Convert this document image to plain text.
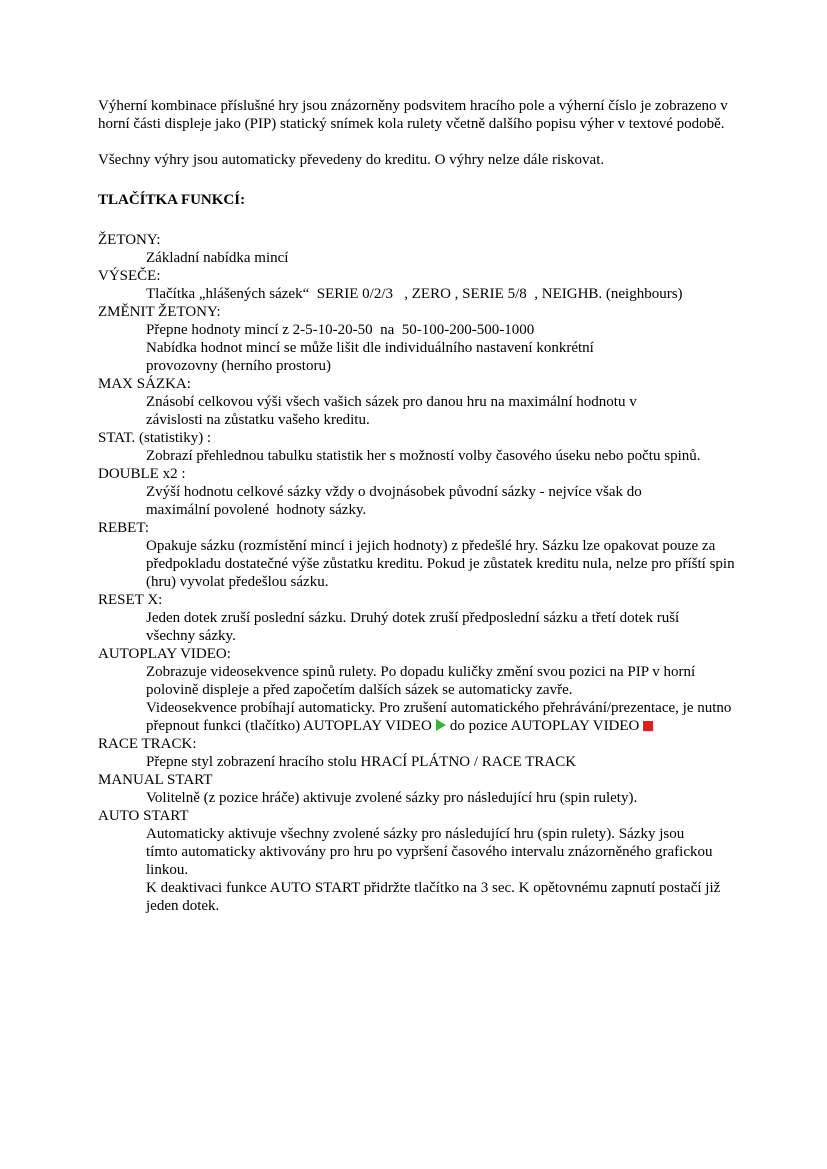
Výherní kombinace příslušné hry jsou znázorněny podsvitem hracího pole a výherní číslo je zobrazeno v horní části displeje jako (PIP) statický snímek kola rulety včetně dalšího popisu výher v textové podobě.

Všechny výhry jsou automaticky převedeny do kreditu. O výhry nelze dále riskovat.

TLAČÍTKA FUNKCÍ:

ŽETONY:

Základní nabídka mincí

VÝSEČE:

Tlačítka „hlášených sázek“  SERIE 0/2/3   , ZERO , SERIE 5/8  , NEIGHB. (neighbours)

ZMĚNIT ŽETONY:

Přepne hodnoty mincí z 2-5-10-20-50  na  50-100-200-500-1000

Nabídka hodnot mincí se může lišit dle individuálního nastavení konkrétní provozovny (herního prostoru)

MAX SÁZKA:

Znásobí celkovou výši všech vašich sázek pro danou hru na maximální hodnotu v závislosti na zůstatku vašeho kreditu.

STAT. (statistiky) :

Zobrazí přehlednou tabulku statistik her s možností volby časového úseku nebo počtu spinů.

DOUBLE x2 :

Zvýší hodnotu celkové sázky vždy o dvojnásobek původní sázky - nejvíce však do maximální povolené  hodnoty sázky.

REBET:

Opakuje sázku (rozmístění mincí i jejich hodnoty) z předešlé hry. Sázku lze opakovat pouze za předpokladu dostatečné výše zůstatku kreditu. Pokud je zůstatek kreditu nula, nelze pro příští spin (hru) vyvolat předešlou sázku.

RESET X:

Jeden dotek zruší poslední sázku. Druhý dotek zruší předposlední sázku a třetí dotek ruší všechny sázky.

AUTOPLAY VIDEO:

Zobrazuje videosekvence spinů rulety. Po dopadu kuličky změní svou pozici na PIP v horní polovině displeje a před započetím dalších sázek se automaticky zavře.

Videosekvence probíhají automaticky. Pro zrušení automatického přehrávání/prezentace, je nutno přepnout funkci (tlačítko) AUTOPLAY VIDEO do pozice AUTOPLAY VIDEO

RACE TRACK:

Přepne styl zobrazení hracího stolu HRACÍ PLÁTNO / RACE TRACK

MANUAL START

Volitelně (z pozice hráče) aktivuje zvolené sázky pro následující hru (spin rulety).

AUTO START

Automaticky aktivuje všechny zvolené sázky pro následující hru (spin rulety). Sázky jsou tímto automaticky aktivovány pro hru po vypršení časového intervalu znázorněného grafickou linkou.

K deaktivaci funkce AUTO START přidržte tlačítko na 3 sec. K opětovnému zapnutí postačí již jeden dotek.
